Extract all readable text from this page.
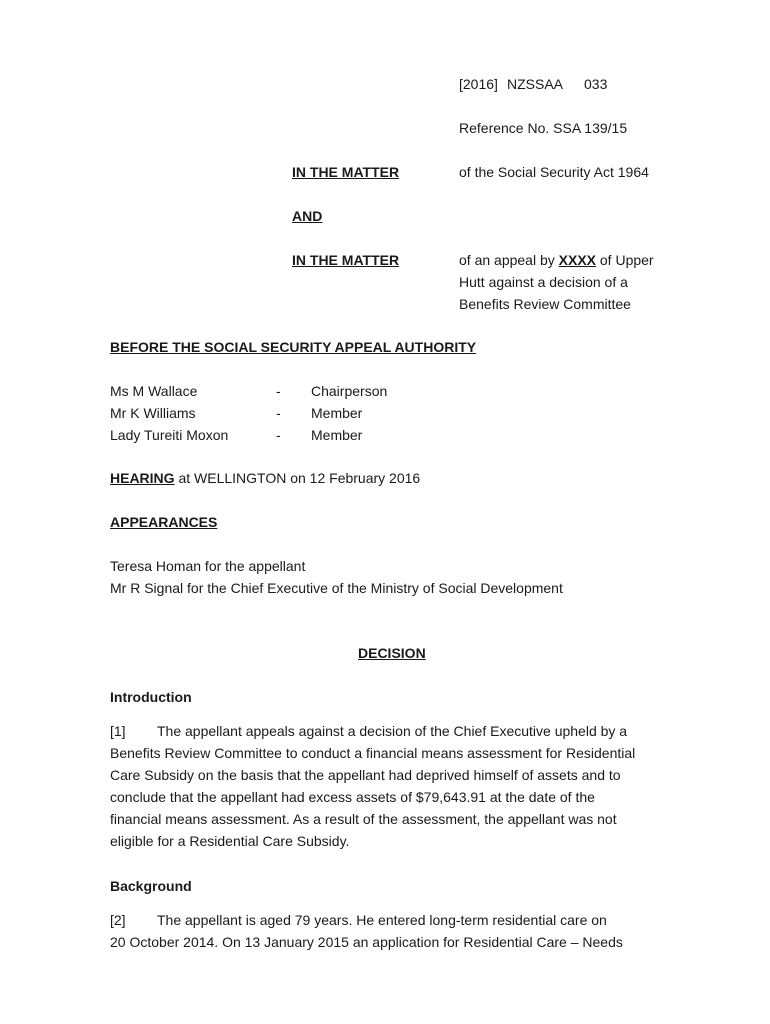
[2016] NZSSAA 033
Reference No. SSA 139/15
IN THE MATTER	of the Social Security Act 1964
AND
IN THE MATTER	of an appeal by XXXX of Upper
Hutt against a decision of a
Benefits Review Committee
BEFORE THE SOCIAL SECURITY APPEAL AUTHORITY
Ms M Wallace	- Chairperson
Mr K Williams	- Member
Lady Tureiti Moxon	- Member
HEARING at WELLINGTON on 12 February 2016
APPEARANCES
Teresa Homan for the appellant
Mr R Signal for the Chief Executive of the Ministry of Social Development
DECISION
Introduction
[1] The appellant appeals against a decision of the Chief Executive upheld by a
Benefits Review Committee to conduct a financial means assessment for Residential
Care Subsidy on the basis that the appellant had deprived himself of assets and to
conclude that the appellant had excess assets of $79,643.91 at the date of the
financial means assessment. As a result of the assessment, the appellant was not
eligible for a Residential Care Subsidy.
Background
[2] The appellant is aged 79 years. He entered long-term residential care on
20 October 2014. On 13 January 2015 an application for Residential Care – Needs
